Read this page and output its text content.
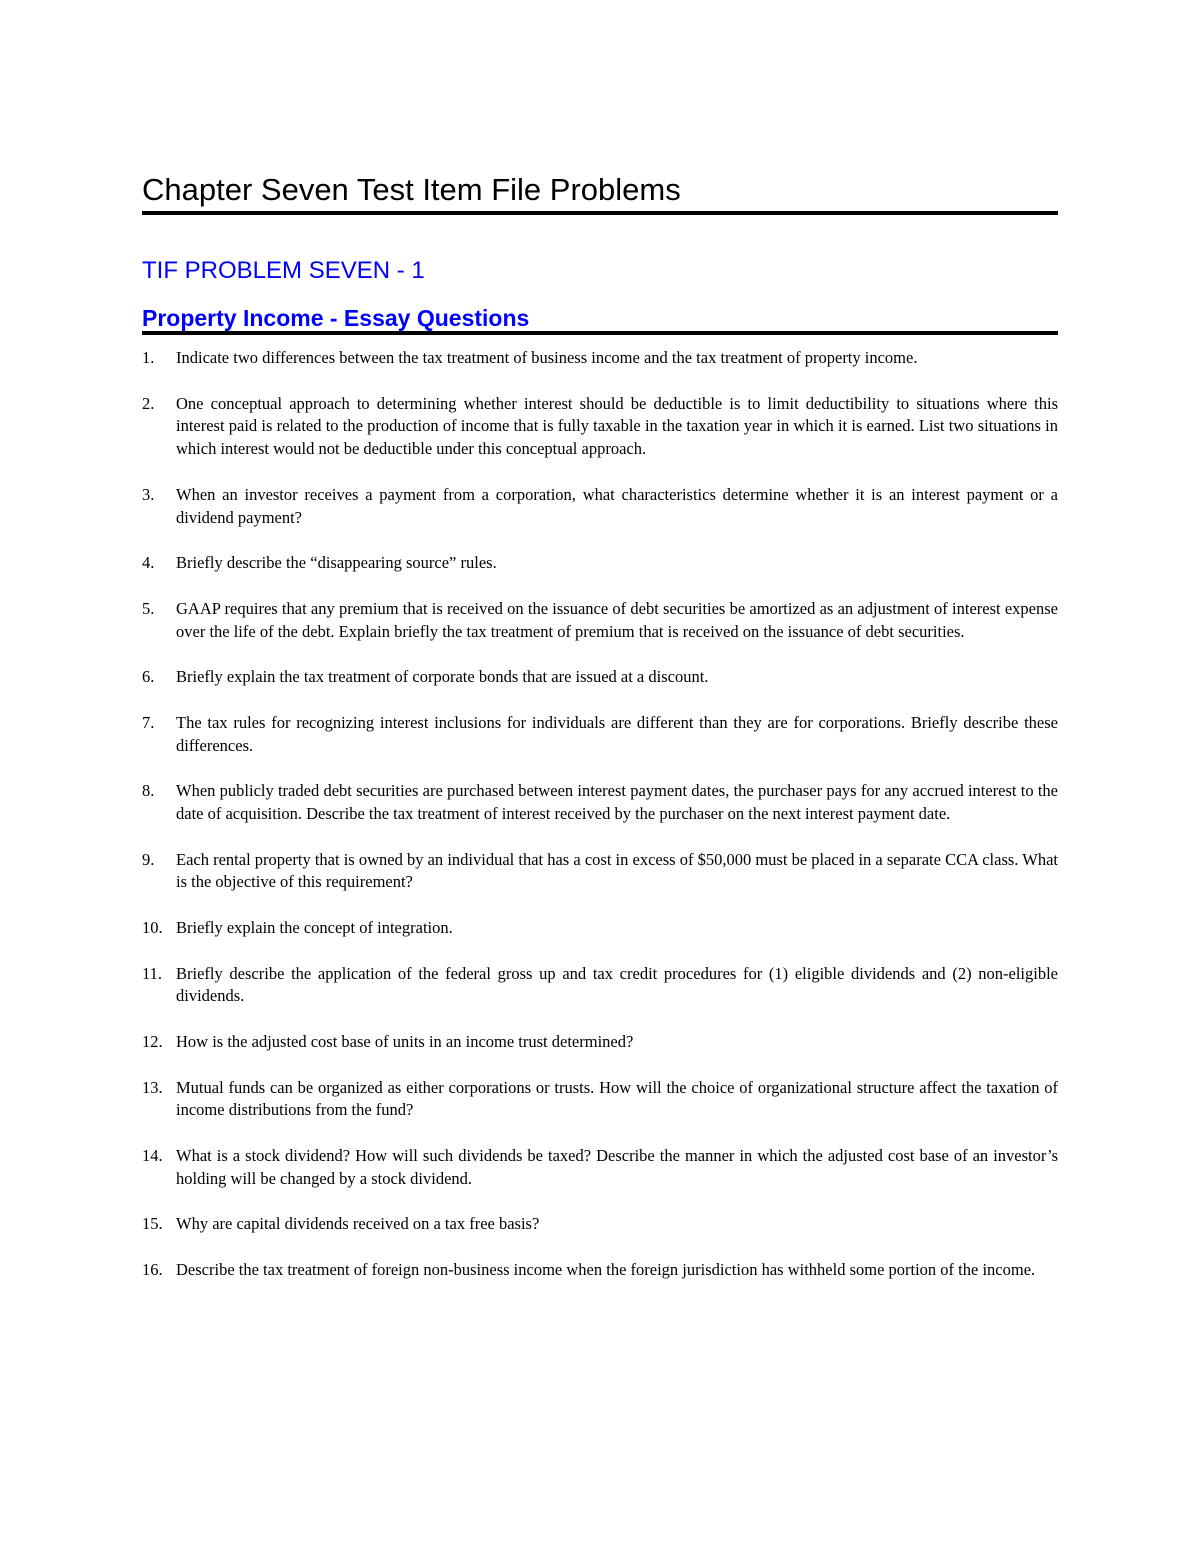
Chapter Seven Test Item File Problems
TIF PROBLEM SEVEN - 1
Property Income - Essay Questions
1. Indicate two differences between the tax treatment of business income and the tax treatment of property income.
2. One conceptual approach to determining whether interest should be deductible is to limit deductibility to situations where this interest paid is related to the production of income that is fully taxable in the taxation year in which it is earned. List two situations in which interest would not be deductible under this conceptual approach.
3. When an investor receives a payment from a corporation, what characteristics determine whether it is an interest payment or a dividend payment?
4. Briefly describe the “disappearing source” rules.
5. GAAP requires that any premium that is received on the issuance of debt securities be amortized as an adjustment of interest expense over the life of the debt. Explain briefly the tax treatment of premium that is received on the issuance of debt securities.
6. Briefly explain the tax treatment of corporate bonds that are issued at a discount.
7. The tax rules for recognizing interest inclusions for individuals are different than they are for corporations. Briefly describe these differences.
8. When publicly traded debt securities are purchased between interest payment dates, the purchaser pays for any accrued interest to the date of acquisition. Describe the tax treatment of interest received by the purchaser on the next interest payment date.
9. Each rental property that is owned by an individual that has a cost in excess of $50,000 must be placed in a separate CCA class. What is the objective of this requirement?
10. Briefly explain the concept of integration.
11. Briefly describe the application of the federal gross up and tax credit procedures for (1) eligible dividends and (2) non-eligible dividends.
12. How is the adjusted cost base of units in an income trust determined?
13. Mutual funds can be organized as either corporations or trusts. How will the choice of organizational structure affect the taxation of income distributions from the fund?
14. What is a stock dividend? How will such dividends be taxed? Describe the manner in which the adjusted cost base of an investor’s holding will be changed by a stock dividend.
15. Why are capital dividends received on a tax free basis?
16. Describe the tax treatment of foreign non-business income when the foreign jurisdiction has withheld some portion of the income.
